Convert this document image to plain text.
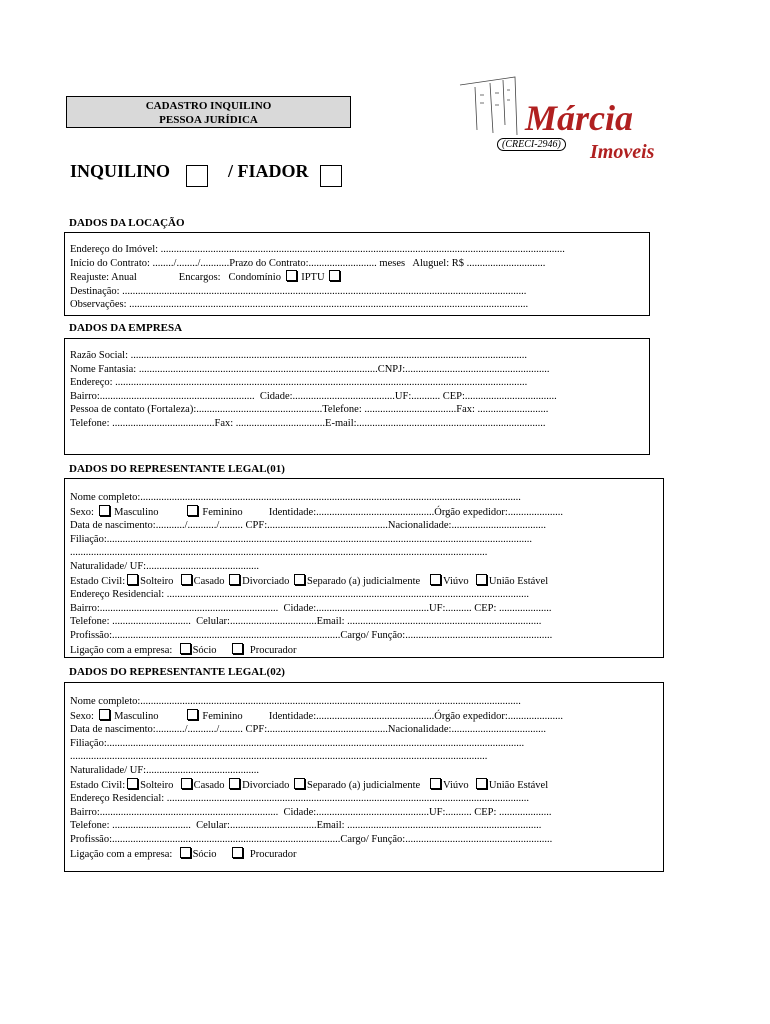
CADASTRO INQUILINO
PESSOA JURÍDICA	Márcia
(CRECI-2946) Imoveis
INQUILINO	/ FIADOR
DADOS DA LOCAÇÃO
Endereço do Imóvel: ..........................................................................................................................................................
Início do Contrato: ......../......../...........Prazo do Contrato:.......................... meses   Aluguel: R$ ..............................
Reajuste: Anual                Encargos:   Condomínio IPTU
Destinação: ..........................................................................................................................................................
Observações: ........................................................................................................................................................
DADOS DA EMPRESA
Razão Social: .......................................................................................................................................................
Nome Fantasia: ...........................................................................................CNPJ:.......................................................
Endereço: .............................................................................................................................................................
Bairro:...........................................................  Cidade:.......................................UF:........... CEP:...................................
Pessoa de contato (Fortaleza):................................................Telefone: ...................................Fax: ...........................
Telefone: .......................................Fax: ..................................E-mail:........................................................................
DADOS DO REPRESENTANTE LEGAL(01)
Nome completo:.................................................................................................................................................
Sexo: Masculino	Feminino	Identidade:.............................................Órgão expedidor:.....................
Data de nascimento:.........../.........../......... CPF:..............................................Nacionalidade:....................................
Filiação:..................................................................................................................................................................
...............................................................................................................................................................
Naturalidade/ UF:...........................................
Estado Civil: Solteiro Casado Divorciado Separado (a) judicialmente Viúvo União Estável
Endereço Residencial: ..........................................................................................................................................
Bairro:....................................................................  Cidade:...........................................UF:.......... CEP: ....................
Telefone: ..............................  Celular:.................................Email: ..........................................................................
Profissão:.......................................................................................Cargo/ Função:........................................................
Ligação com a empresa: Sócio	Procurador
DADOS DO REPRESENTANTE LEGAL(02)
Nome completo:.................................................................................................................................................
Sexo: Masculino	Feminino	Identidade:.............................................Órgão expedidor:.....................
Data de nascimento:.........../.........../......... CPF:..............................................Nacionalidade:....................................
Filiação:...............................................................................................................................................................
...............................................................................................................................................................
Naturalidade/ UF:...........................................
Estado Civil: Solteiro Casado Divorciado Separado (a) judicialmente Viúvo União Estável
Endereço Residencial: ..........................................................................................................................................
Bairro:....................................................................  Cidade:...........................................UF:.......... CEP: ....................
Telefone: ..............................  Celular:.................................Email: ..........................................................................
Profissão:.......................................................................................Cargo/ Função:........................................................
Ligação com a empresa: Sócio	Procurador
